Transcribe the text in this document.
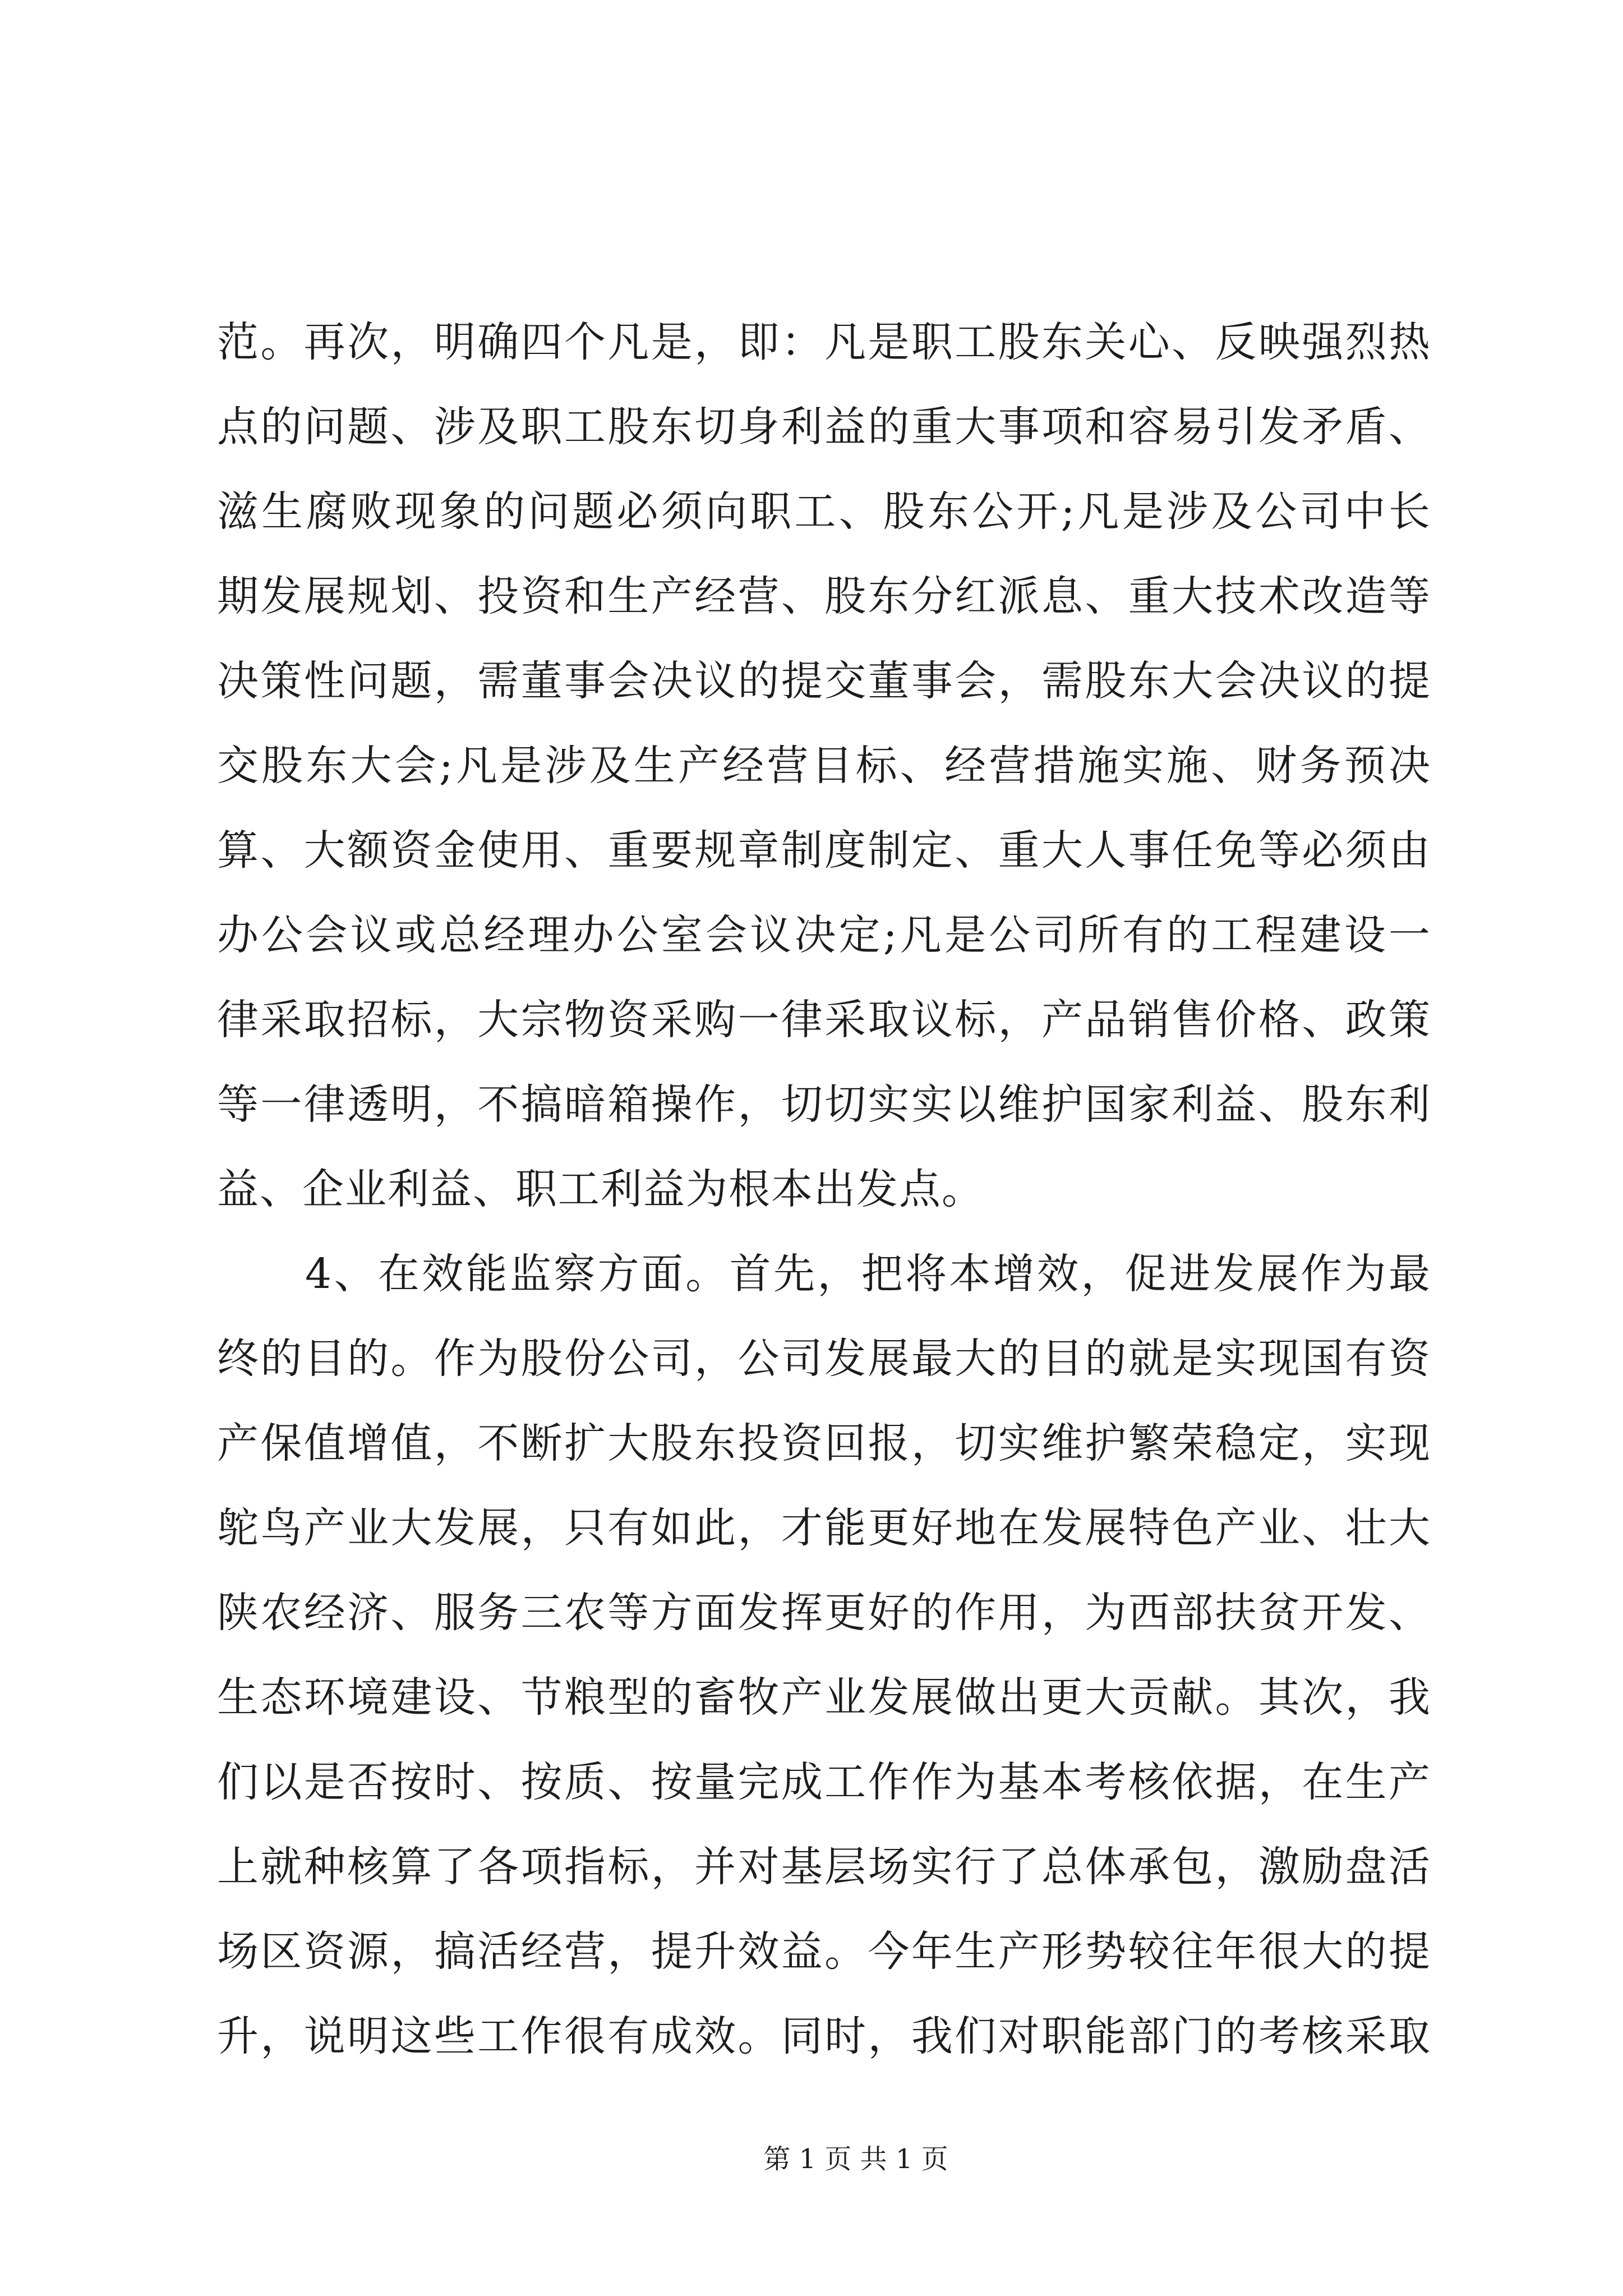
范。再次，明确四个凡是，即：凡是职工股东关心、反映强烈热
点的问题、涉及职工股东切身利益的重大事项和容易引发矛盾、
滋生腐败现象的问题必须向职工、股东公开;凡是涉及公司中长
期发展规划、投资和生产经营、股东分红派息、重大技术改造等
决策性问题，需董事会决议的提交董事会，需股东大会决议的提
交股东大会;凡是涉及生产经营目标、经营措施实施、财务预决
算、大额资金使用、重要规章制度制定、重大人事任免等必须由
办公会议或总经理办公室会议决定;凡是公司所有的工程建设一
律采取招标，大宗物资采购一律采取议标，产品销售价格、政策
等一律透明，不搞暗箱操作，切切实实以维护国家利益、股东利
益、企业利益、职工利益为根本出发点。
4、在效能监察方面。首先，把将本增效，促进发展作为最
终的目的。作为股份公司，公司发展最大的目的就是实现国有资
产保值增值，不断扩大股东投资回报，切实维护繁荣稳定，实现
鸵鸟产业大发展，只有如此，才能更好地在发展特色产业、壮大
陕农经济、服务三农等方面发挥更好的作用，为西部扶贫开发、
生态环境建设、节粮型的畜牧产业发展做出更大贡献。其次，我
们以是否按时、按质、按量完成工作作为基本考核依据，在生产
上就种核算了各项指标，并对基层场实行了总体承包，激励盘活
场区资源，搞活经营，提升效益。今年生产形势较往年很大的提
升，说明这些工作很有成效。同时，我们对职能部门的考核采取
第 1 页 共 1 页
